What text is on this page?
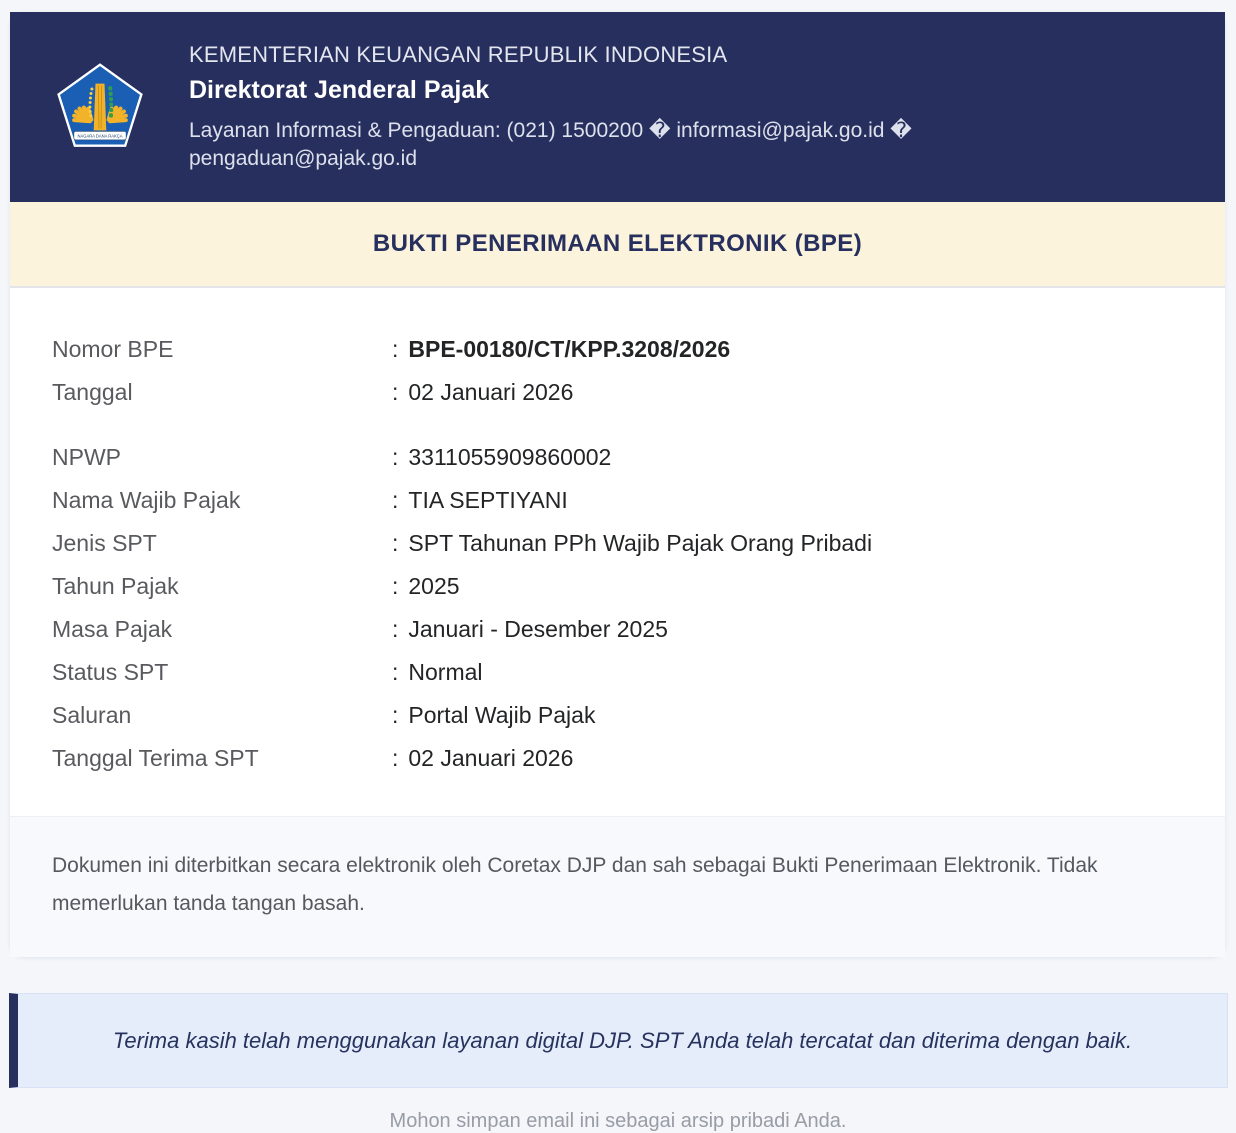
NAGARA DANA RAKÇA
KEMENTERIAN KEUANGAN REPUBLIK INDONESIA
Direktorat Jenderal Pajak
Layanan Informasi & Pengaduan: (021) 1500200 � informasi@pajak.go.id � pengaduan@pajak.go.id
BUKTI PENERIMAAN ELEKTRONIK (BPE)
Nomor BPE	: BPE-00180/CT/KPP.3208/2026
Tanggal	: 02 Januari 2026
NPWP	: 3311055909860002
Nama Wajib Pajak	: TIA SEPTIYANI
Jenis SPT	: SPT Tahunan PPh Wajib Pajak Orang Pribadi
Tahun Pajak	: 2025
Masa Pajak	: Januari - Desember 2025
Status SPT	: Normal
Saluran	: Portal Wajib Pajak
Tanggal Terima SPT	: 02 Januari 2026

Dokumen ini diterbitkan secara elektronik oleh Coretax DJP dan sah sebagai Bukti Penerimaan Elektronik. Tidak memerlukan tanda tangan basah.

Terima kasih telah menggunakan layanan digital DJP. SPT Anda telah tercatat dan diterima dengan baik.

Mohon simpan email ini sebagai arsip pribadi Anda.
